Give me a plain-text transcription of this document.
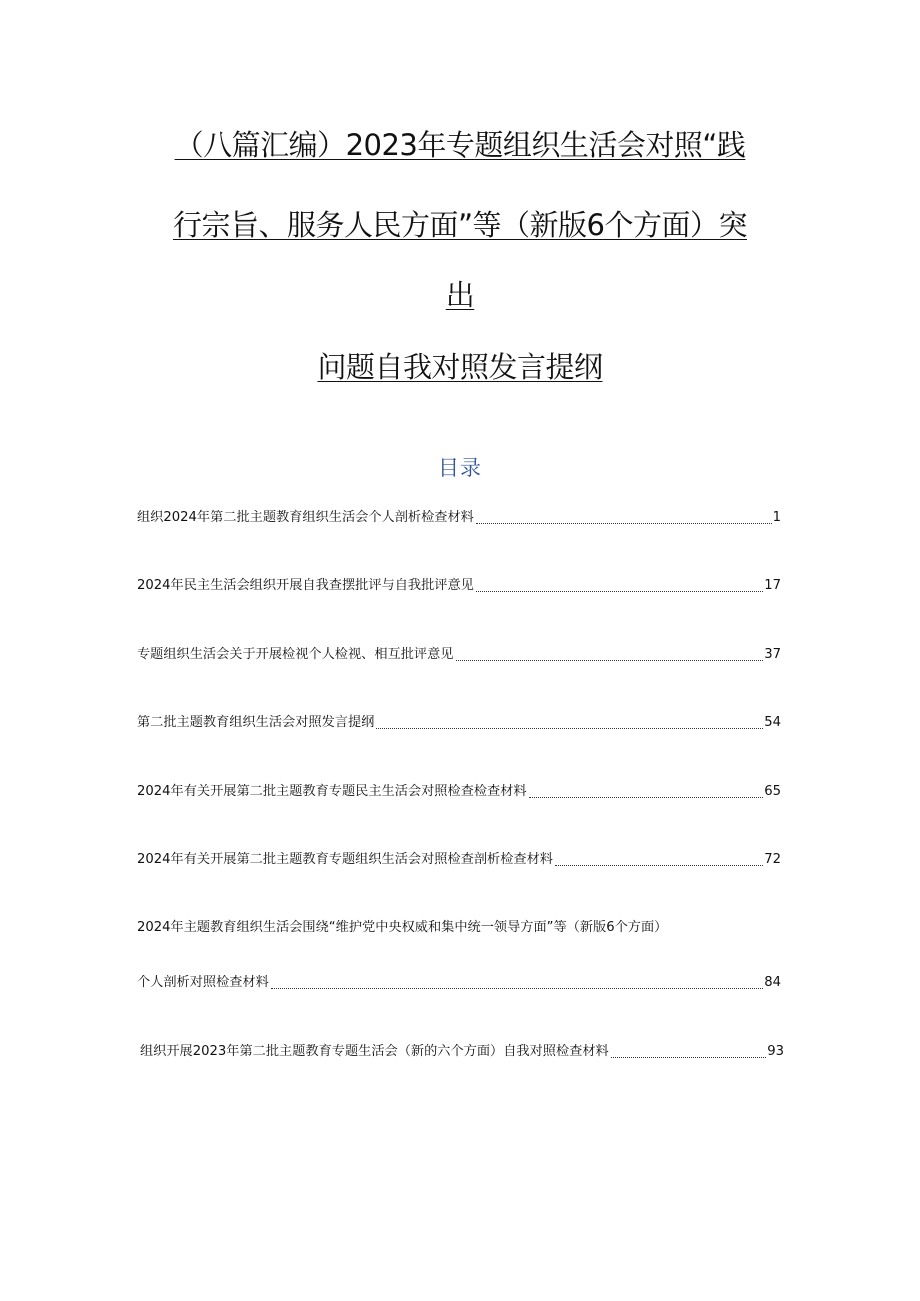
（八篇汇编）2023年专题组织生活会对照“践
行宗旨、服务人民方面”等（新版6个方面）突
出
问题自我对照发言提纲
目录
组织2024年第二批主题教育组织生活会个人剖析检查材料	1
2024年民主生活会组织开展自我查摆批评与自我批评意见	17
专题组织生活会关于开展检视个人检视、相互批评意见	37
第二批主题教育组织生活会对照发言提纲	54
2024年有关开展第二批主题教育专题民主生活会对照检查检查材料	65
2024年有关开展第二批主题教育专题组织生活会对照检查剖析检查材料	72
2024年主题教育组织生活会围绕“维护党中央权威和集中统一领导方面”等（新版6个方面）
个人剖析对照检查材料	84
组织开展2023年第二批主题教育专题生活会（新的六个方面）自我对照检查材料	93
